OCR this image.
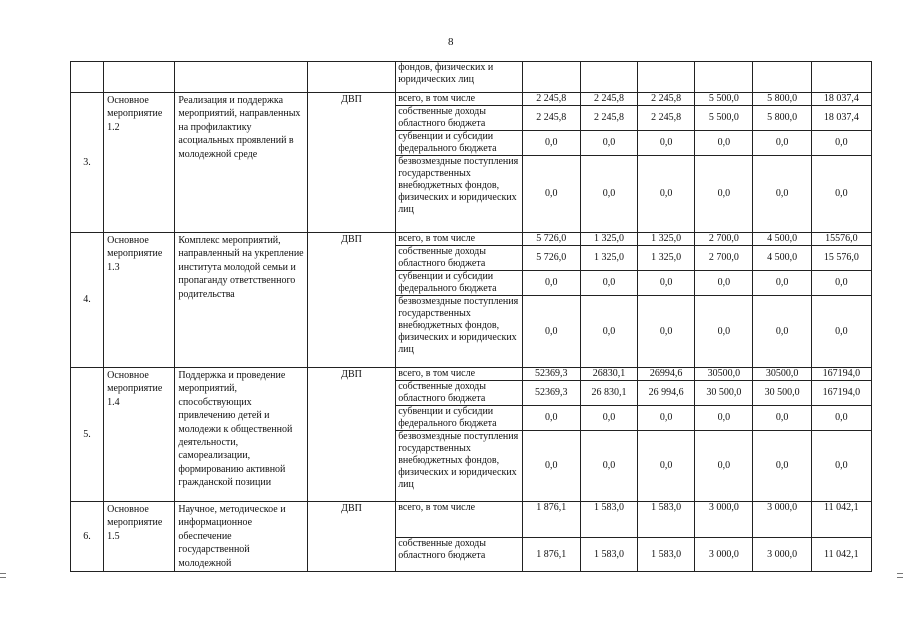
8
				фондов, физических и юридических лиц						
3.	Основное мероприятие 1.2	Реализация и поддержка мероприятий, направленных на профилактику асоциальных проявлений в молодежной среде	ДВП	всего, в том числе	2 245,8	2 245,8	2 245,8	5 500,0	5 800,0	18 037,4
				собственные доходы областного бюджета	2 245,8	2 245,8	2 245,8	5 500,0	5 800,0	18 037,4
				субвенции и субсидии федерального бюджета	0,0	0,0	0,0	0,0	0,0	0,0
				безвозмездные поступления государственных внебюджетных фондов, физических и юридических лиц	0,0	0,0	0,0	0,0	0,0	0,0
4.	Основное мероприятие 1.3	Комплекс мероприятий, направленный на укрепление института молодой семьи и пропаганду ответственного родительства	ДВП	всего, в том числе	5 726,0	1 325,0	1 325,0	2 700,0	4 500,0	15576,0
				собственные доходы областного бюджета	5 726,0	1 325,0	1 325,0	2 700,0	4 500,0	15 576,0
				субвенции и субсидии федерального бюджета	0,0	0,0	0,0	0,0	0,0	0,0
				безвозмездные поступления государственных внебюджетных фондов, физических и юридических лиц	0,0	0,0	0,0	0,0	0,0	0,0
5.	Основное мероприятие 1.4	Поддержка и проведение мероприятий, способствующих привлечению детей и молодежи к общественной деятельности, самореализации, формированию активной гражданской позиции	ДВП	всего, в том числе	52369,3	26830,1	26994,6	30500,0	30500,0	167194,0
				собственные доходы областного бюджета	52369,3	26 830,1	26 994,6	30 500,0	30 500,0	167194,0
				субвенции и субсидии федерального бюджета	0,0	0,0	0,0	0,0	0,0	0,0
				безвозмездные поступления государственных внебюджетных фондов, физических и юридических лиц	0,0	0,0	0,0	0,0	0,0	0,0
6.	Основное мероприятие 1.5	Научное, методическое и информационное обеспечение государственной молодежной	ДВП	всего, в том числе	1 876,1	1 583,0	1 583,0	3 000,0	3 000,0	11 042,1
				собственные доходы областного бюджета	1 876,1	1 583,0	1 583,0	3 000,0	3 000,0	11 042,1
